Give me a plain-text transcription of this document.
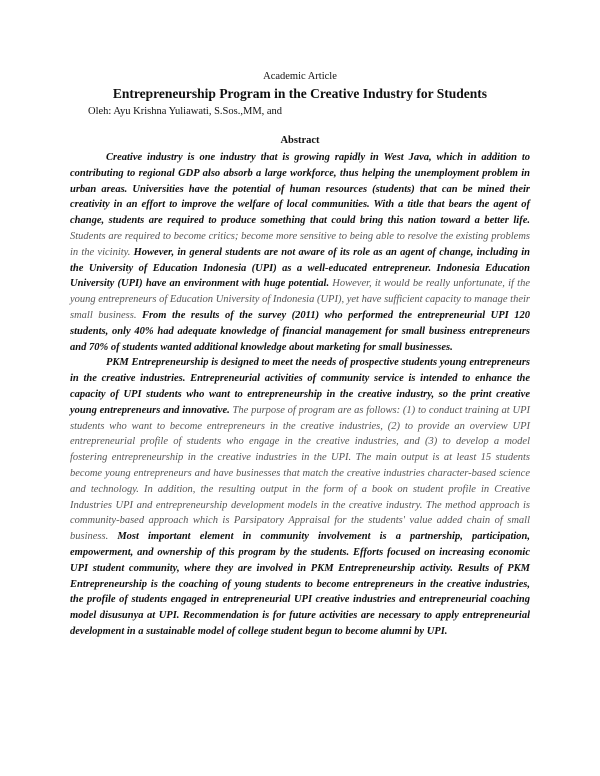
Academic Article
Entrepreneurship Program in the Creative Industry for Students
Oleh: Ayu Krishna Yuliawati, S.Sos.,MM, and
Abstract

Creative industry is one industry that is growing rapidly in West Java, which in addition to contributing to regional GDP also absorb a large workforce, thus helping the unemployment problem in urban areas. Universities have the potential of human resources (students) that can be mined their creativity in an effort to improve the welfare of local communities. With a title that bears the agent of change, students are required to produce something that could bring this nation toward a better life. Students are required to become critics; become more sensitive to being able to resolve the existing problems in the vicinity. However, in general students are not aware of its role as an agent of change, including in the University of Education Indonesia (UPI) as a well-educated entrepreneur. Indonesia Education University (UPI) have an environment with huge potential. However, it would be really unfortunate, if the young entrepreneurs of Education University of Indonesia (UPI), yet have sufficient capacity to manage their small business. From the results of the survey (2011) who performed the entrepreneurial UPI 120 students, only 40% had adequate knowledge of financial management for small business entrepreneurs and 70% of students wanted additional knowledge about marketing for small businesses.

PKM Entrepreneurship is designed to meet the needs of prospective students young entrepreneurs in the creative industries. Entrepreneurial activities of community service is intended to enhance the capacity of UPI students who want to entrepreneurship in the creative industry, so the print creative young entrepreneurs and innovative. The purpose of program are as follows: (1) to conduct training at UPI students who want to become entrepreneurs in the creative industries, (2) to provide an overview UPI entrepreneurial profile of students who engage in the creative industries, and (3) to develop a model fostering entrepreneurship in the creative industries in the UPI. The main output is at least 15 students become young entrepreneurs and have businesses that match the creative industries character-based science and technology. In addition, the resulting output in the form of a book on student profile in Creative Industries UPI and entrepreneurship development models in the creative industry. The method approach is community-based approach which is Parsipatory Appraisal for the students' value added chain of small business. Most important element in community involvement is a partnership, participation, empowerment, and ownership of this program by the students. Efforts focused on increasing economic UPI student community, where they are involved in PKM Entrepreneurship activity. Results of PKM Entrepreneurship is the coaching of young students to become entrepreneurs in the creative industries, the profile of students engaged in entrepreneurial UPI creative industries and entrepreneurial coaching model disusunya at UPI. Recommendation is for future activities are necessary to apply entrepreneurial development in a sustainable model of college student begun to become alumni by UPI.
